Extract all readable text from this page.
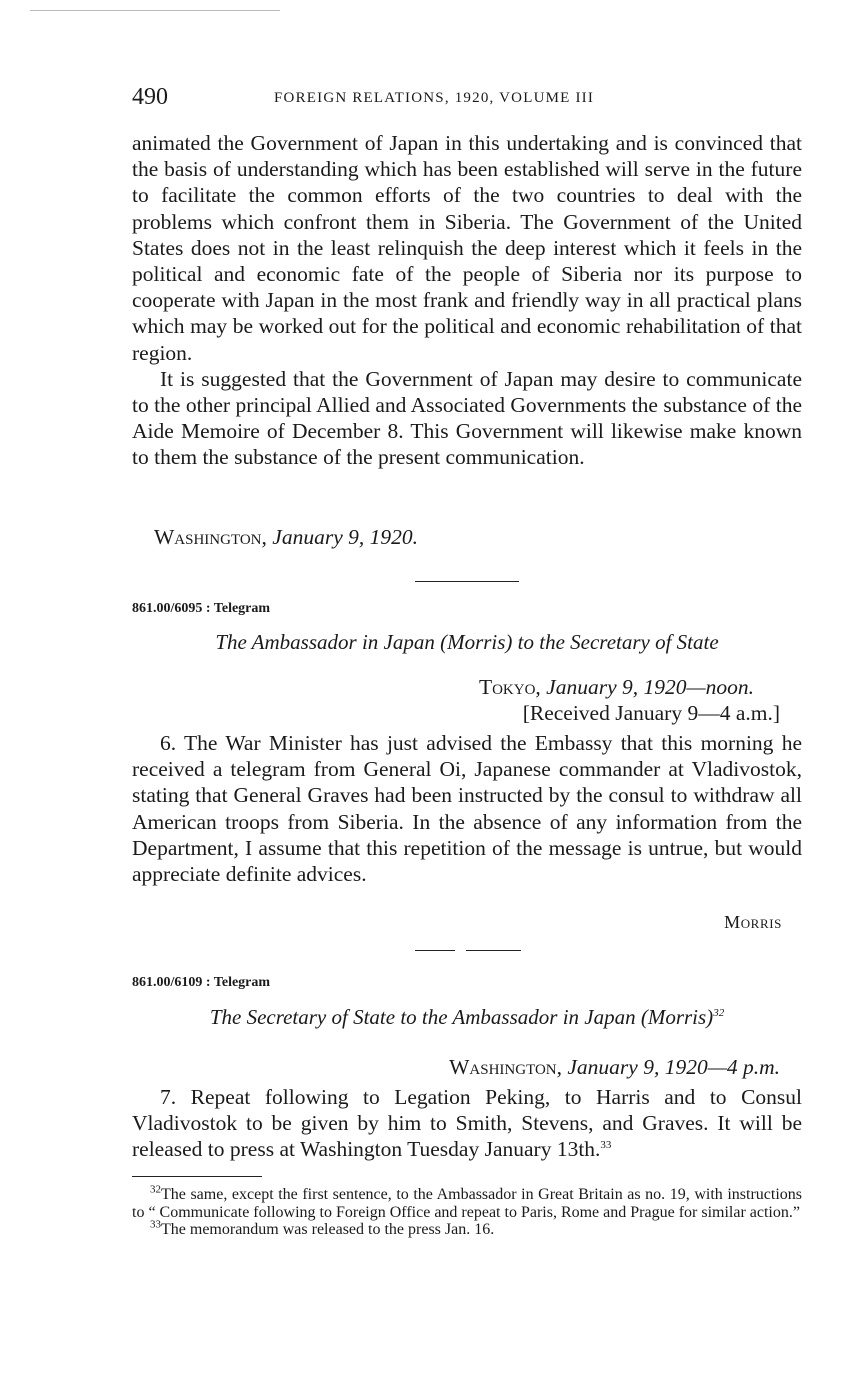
490	FOREIGN RELATIONS, 1920, VOLUME III

animated the Government of Japan in this undertaking and is convinced that the basis of understanding which has been established will serve in the future to facilitate the common efforts of the two countries to deal with the problems which confront them in Siberia. The Government of the United States does not in the least relinquish the deep interest which it feels in the political and economic fate of the people of Siberia nor its purpose to cooperate with Japan in the most frank and friendly way in all practical plans which may be worked out for the political and economic rehabilitation of that region.

It is suggested that the Government of Japan may desire to communicate to the other principal Allied and Associated Governments the substance of the Aide Memoire of December 8. This Government will likewise make known to them the substance of the present communication.

Washington, January 9, 1920.
861.00/6095 : Telegram
The Ambassador in Japan (Morris) to the Secretary of State
Tokyo, January 9, 1920—noon.
[Received January 9—4 a.m.]

6. The War Minister has just advised the Embassy that this morning he received a telegram from General Oi, Japanese commander at Vladivostok, stating that General Graves had been instructed by the consul to withdraw all American troops from Siberia. In the absence of any information from the Department, I assume that this repetition of the message is untrue, but would appreciate definite advices.

Morris
861.00/6109 : Telegram
The Secretary of State to the Ambassador in Japan (Morris)$^{32}$
Washington, January 9, 1920—4 p.m.

7. Repeat following to Legation Peking, to Harris and to Consul Vladivostok to be given by him to Smith, Stevens, and Graves. It will be released to press at Washington Tuesday January 13th.$^{33}$

$^{32}$The same, except the first sentence, to the Ambassador in Great Britain as no. 19, with instructions to “ Communicate following to Foreign Office and repeat to Paris, Rome and Prague for similar action.”

$^{33}$The memorandum was released to the press Jan. 16.
